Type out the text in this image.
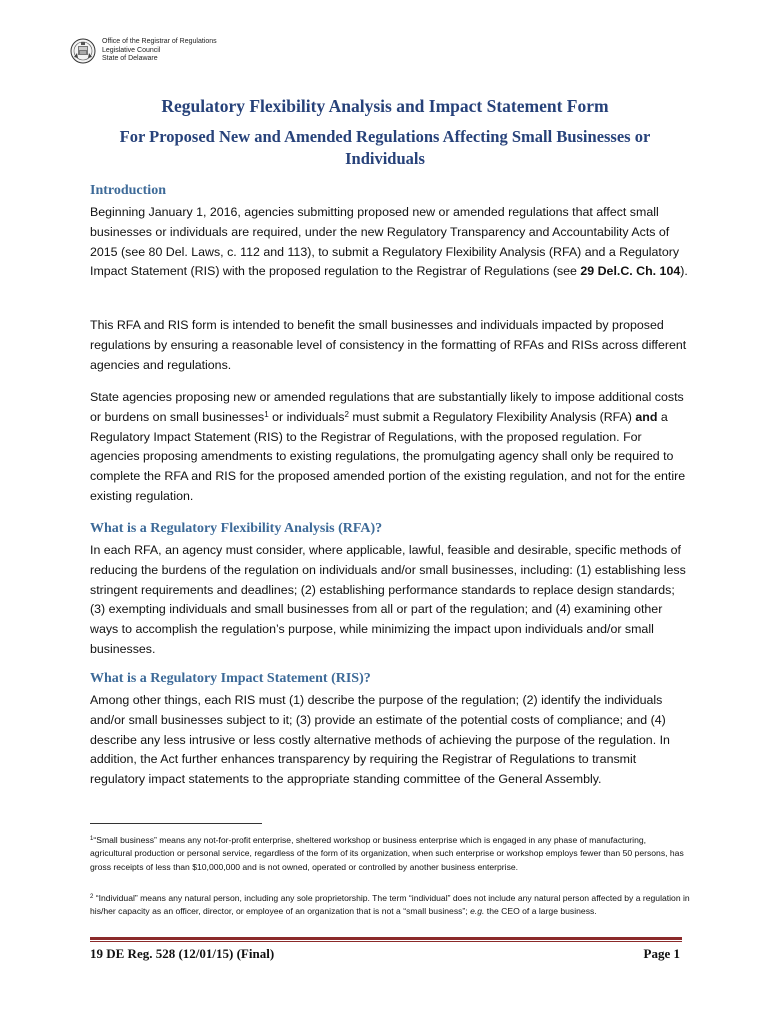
Office of the Registrar of Regulations
Legislative Council
State of Delaware
Regulatory Flexibility Analysis and Impact Statement Form
For Proposed New and Amended Regulations Affecting Small Businesses or Individuals
Introduction
Beginning January 1, 2016, agencies submitting proposed new or amended regulations that affect small businesses or individuals are required, under the new Regulatory Transparency and Accountability Acts of 2015 (see 80 Del. Laws, c. 112 and 113), to submit a Regulatory Flexibility Analysis (RFA) and a Regulatory Impact Statement (RIS) with the proposed regulation to the Registrar of Regulations (see 29 Del.C. Ch. 104).
This RFA and RIS form is intended to benefit the small businesses and individuals impacted by proposed regulations by ensuring a reasonable level of consistency in the formatting of RFAs and RISs across different agencies and regulations.
State agencies proposing new or amended regulations that are substantially likely to impose additional costs or burdens on small businesses$^1$ or individuals$^2$ must submit a Regulatory Flexibility Analysis (RFA) and a Regulatory Impact Statement (RIS) to the Registrar of Regulations, with the proposed regulation. For agencies proposing amendments to existing regulations, the promulgating agency shall only be required to complete the RFA and RIS for the proposed amended portion of the existing regulation, and not for the entire existing regulation.
What is a Regulatory Flexibility Analysis (RFA)?
In each RFA, an agency must consider, where applicable, lawful, feasible and desirable, specific methods of reducing the burdens of the regulation on individuals and/or small businesses, including: (1) establishing less stringent requirements and deadlines; (2) establishing performance standards to replace design standards; (3) exempting individuals and small businesses from all or part of the regulation; and (4) examining other ways to accomplish the regulation’s purpose, while minimizing the impact upon individuals and/or small businesses.
What is a Regulatory Impact Statement (RIS)?
Among other things, each RIS must (1) describe the purpose of the regulation; (2) identify the individuals and/or small businesses subject to it; (3) provide an estimate of the potential costs of compliance; and (4) describe any less intrusive or less costly alternative methods of achieving the purpose of the regulation. In addition, the Act further enhances transparency by requiring the Registrar of Regulations to transmit regulatory impact statements to the appropriate standing committee of the General Assembly.
$^1$“Small business” means any not-for-profit enterprise, sheltered workshop or business enterprise which is engaged in any phase of manufacturing, agricultural production or personal service, regardless of the form of its organization, when such enterprise or workshop employs fewer than 50 persons, has gross receipts of less than $10,000,000 and is not owned, operated or controlled by another business enterprise.
$^2$ “Individual” means any natural person, including any sole proprietorship. The term “individual” does not include any natural person affected by a regulation in his/her capacity as an officer, director, or employee of an organization that is not a “small business”; e.g. the CEO of a large business.
19 DE Reg. 528 (12/01/15) (Final)	Page 1
